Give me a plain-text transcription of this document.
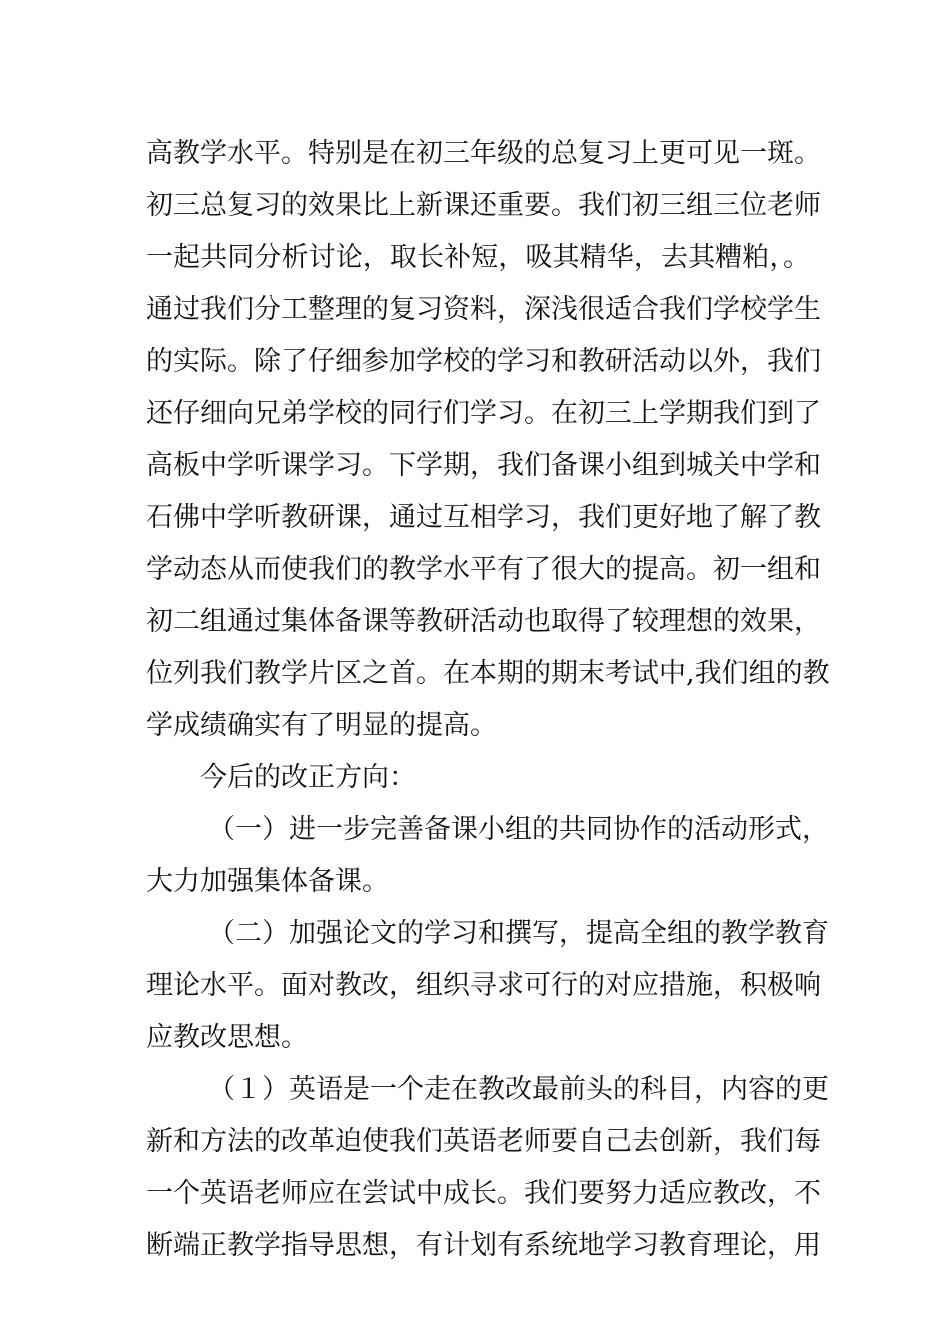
高教学水平。特别是在初三年级的总复习上更可见一斑。
初三总复习的效果比上新课还重要。我们初三组三位老师
一起共同分析讨论，取长补短，吸其精华，去其糟粕，。
通过我们分工整理的复习资料，深浅很适合我们学校学生
的实际。除了仔细参加学校的学习和教研活动以外，我们
还仔细向兄弟学校的同行们学习。在初三上学期我们到了
高板中学听课学习。下学期，我们备课小组到城关中学和
石佛中学听教研课，通过互相学习，我们更好地了解了教
学动态从而使我们的教学水平有了很大的提高。初一组和
初二组通过集体备课等教研活动也取得了较理想的效果，
位列我们教学片区之首。在本期的期末考试中,我们组的教
学成绩确实有了明显的提高。
今后的改正方向：
（一）进一步完善备课小组的共同协作的活动形式，
大力加强集体备课。
（二）加强论文的学习和撰写，提高全组的教学教育
理论水平。面对教改，组织寻求可行的对应措施，积极响
应教改思想。
（１）英语是一个走在教改最前头的科目，内容的更
新和方法的改革迫使我们英语老师要自己去创新，我们每
一个英语老师应在尝试中成长。我们要努力适应教改，不
断端正教学指导思想，有计划有系统地学习教育理论，用
